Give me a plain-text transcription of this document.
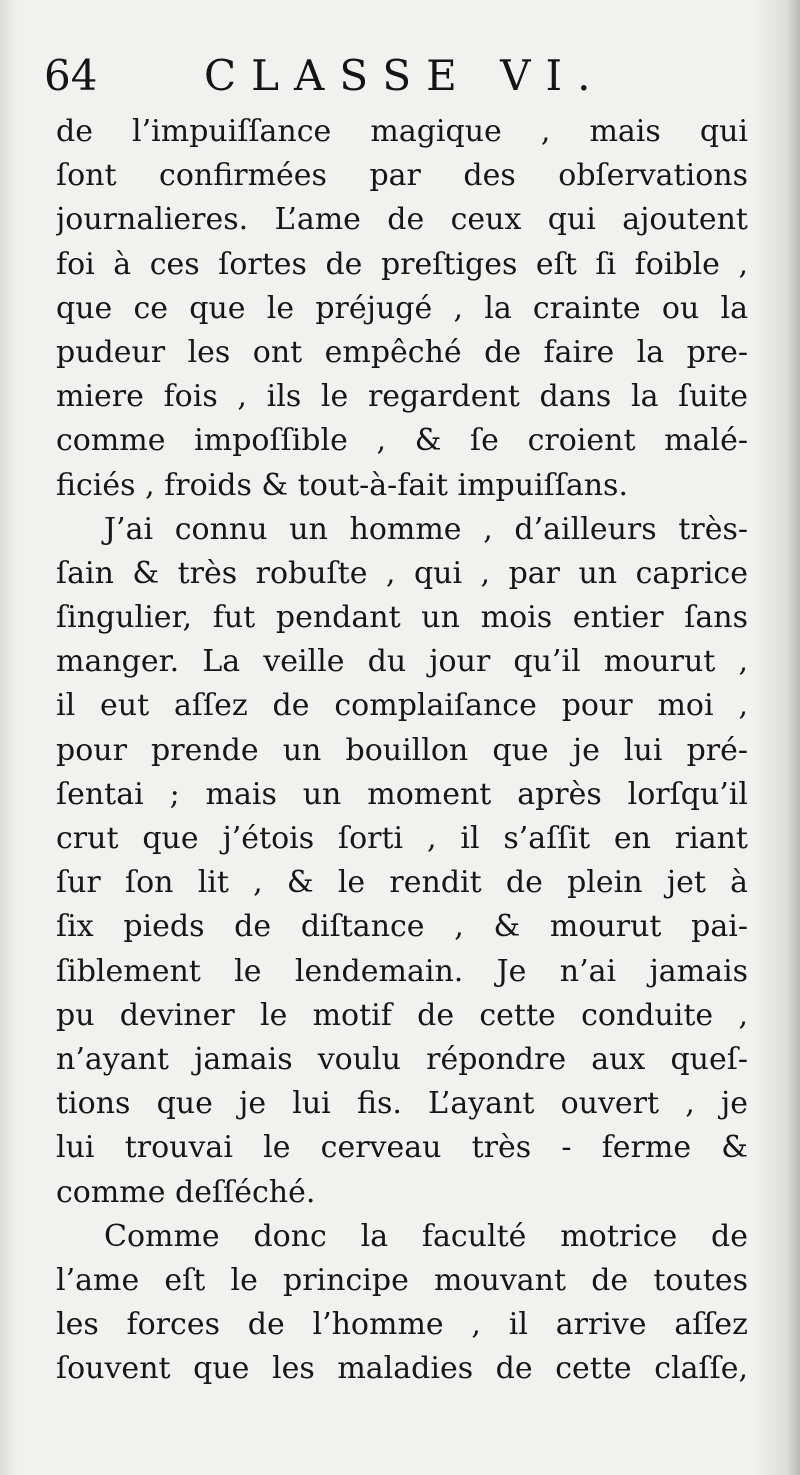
64	CLASSE VI.
de l’impuiſſance magique , mais qui
ſont confirmées par des obſervations
journalieres. L’ame de ceux qui ajoutent
foi à ces ſortes de preſtiges eſt ſi foible ,
que ce que le préjugé , la crainte ou la
pudeur les ont empêché de faire la pre-
miere fois , ils le regardent dans la ſuite
comme impoſſible , & ſe croient malé-
ficiés , froids & tout-à-fait impuiſſans.
J’ai connu un homme , d’ailleurs très-
ſain & très robuſte , qui , par un caprice
ſingulier, fut pendant un mois entier ſans
manger. La veille du jour qu’il mourut ,
il eut aſſez de complaiſance pour moi ,
pour prende un bouillon que je lui pré-
ſentai ; mais un moment après lorſqu’il
crut que j’étois ſorti , il s’aſſit en riant
ſur ſon lit , & le rendit de plein jet à
ſix pieds de diſtance , & mourut pai-
ſiblement le lendemain. Je n’ai jamais
pu deviner le motif de cette conduite ,
n’ayant jamais voulu répondre aux queſ-
tions que je lui fis. L’ayant ouvert , je
lui trouvai le cerveau très - ferme &
comme deſſéché.
Comme donc la faculté motrice de
l’ame eſt le principe mouvant de toutes
les forces de l’homme , il arrive aſſez
ſouvent que les maladies de cette claſſe,
